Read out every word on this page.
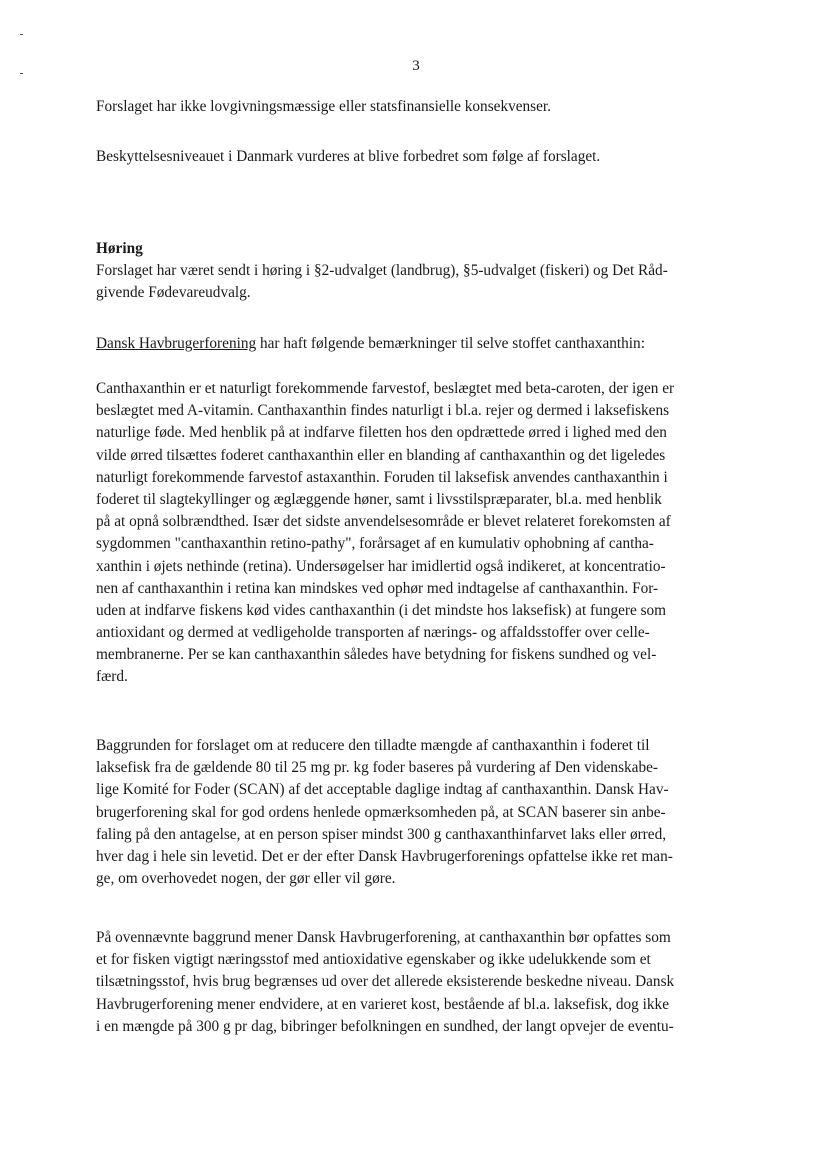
3
Forslaget har ikke lovgivningsmæssige eller statsfinansielle konsekvenser.
Beskyttelsesniveauet i Danmark vurderes at blive forbedret som følge af forslaget.
Høring
Forslaget har været sendt i høring i §2-udvalget (landbrug), §5-udvalget (fiskeri) og Det Råd-
givende Fødevareudvalg.
Dansk Havbrugerforening har haft følgende bemærkninger til selve stoffet canthaxanthin:
Canthaxanthin er et naturligt forekommende farvestof, beslægtet med beta-caroten, der igen er
beslægtet med A-vitamin. Canthaxanthin findes naturligt i bl.a. rejer og dermed i laksefiskens
naturlige føde. Med henblik på at indfarve filetten hos den opdrættede ørred i lighed med den
vilde ørred tilsættes foderet canthaxanthin eller en blanding af canthaxanthin og det ligeledes
naturligt forekommende farvestof astaxanthin. Foruden til laksefisk anvendes canthaxanthin i
foderet til slagtekyllinger og æglæggende høner, samt i livsstilspræparater, bl.a. med henblik
på at opnå solbrændthed. Især det sidste anvendelsesområde er blevet relateret forekomsten af
sygdommen "canthaxanthin retino-pathy", forårsaget af en kumulativ ophobning af cantha-
xanthin i øjets nethinde (retina). Undersøgelser har imidlertid også indikeret, at koncentratio-
nen af canthaxanthin i retina kan mindskes ved ophør med indtagelse af canthaxanthin. For-
uden at indfarve fiskens kød vides canthaxanthin (i det mindste hos laksefisk) at fungere som
antioxidant og dermed at vedligeholde transporten af nærings- og affaldsstoffer over celle-
membranerne. Per se kan canthaxanthin således have betydning for fiskens sundhed og vel-
færd.
Baggrunden for forslaget om at reducere den tilladte mængde af canthaxanthin i foderet til
laksefisk fra de gældende 80 til 25 mg pr. kg foder baseres på vurdering af Den videnskabe-
lige Komité for Foder (SCAN) af det acceptable daglige indtag af canthaxanthin. Dansk Hav-
brugerforening skal for god ordens henlede opmærksomheden på, at SCAN baserer sin anbe-
faling på den antagelse, at en person spiser mindst 300 g canthaxanthinfarvet laks eller ørred,
hver dag i hele sin levetid. Det er der efter Dansk Havbrugerforenings opfattelse ikke ret man-
ge, om overhovedet nogen, der gør eller vil gøre.
På ovennævnte baggrund mener Dansk Havbrugerforening, at canthaxanthin bør opfattes som
et for fisken vigtigt næringsstof med antioxidative egenskaber og ikke udelukkende som et
tilsætningsstof, hvis brug begrænses ud over det allerede eksisterende beskedne niveau. Dansk
Havbrugerforening mener endvidere, at en varieret kost, bestående af bl.a. laksefisk, dog ikke
i en mængde på 300 g pr dag, bibringer befolkningen en sundhed, der langt opvejer de eventu-
